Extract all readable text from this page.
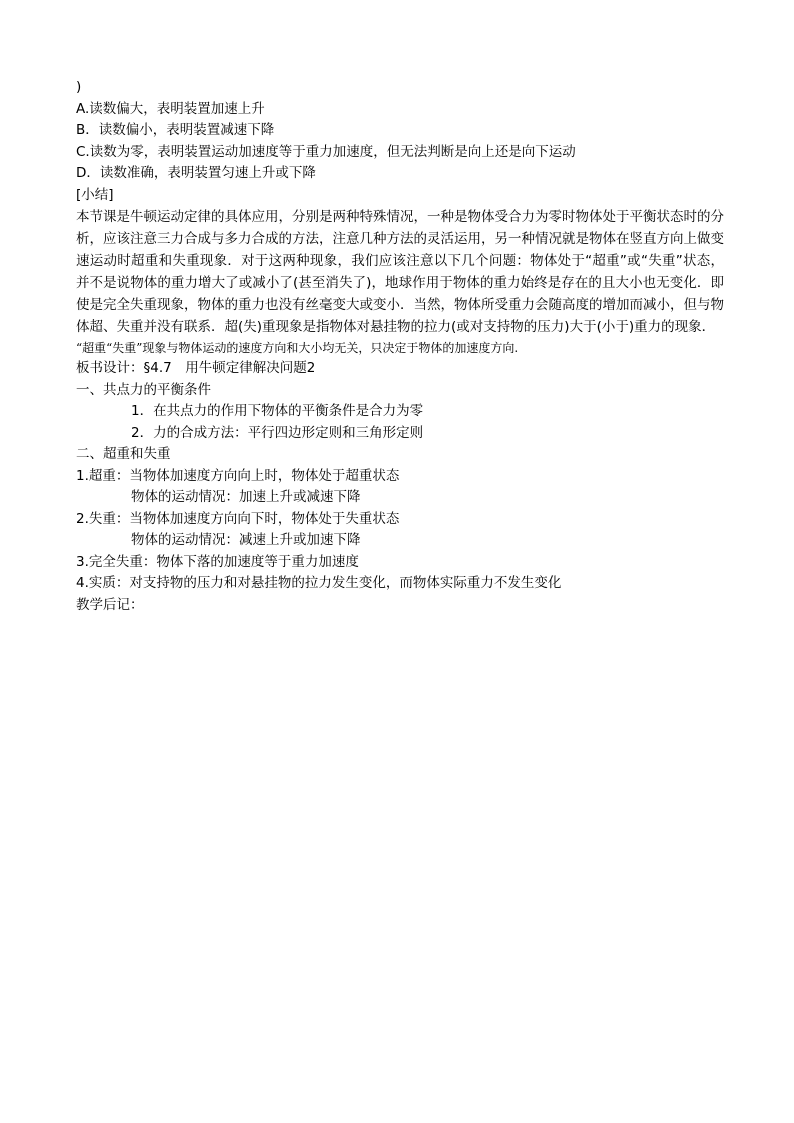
)
A.读数偏大，表明装置加速上升
B．读数偏小，表明装置减速下降
C.读数为零，表明装置运动加速度等于重力加速度，但无法判断是向上还是向下运动
D．读数准确，表明装置匀速上升或下降
[小结]
本节课是牛顿运动定律的具体应用，分别是两种特殊情况，一种是物体受合力为零时物体处于平衡状态时的分析，应该注意三力合成与多力合成的方法，注意几种方法的灵活运用，另一种情况就是物体在竖直方向上做变速运动时超重和失重现象．对于这两种现象，我们应该注意以下几个问题：物体处于“超重”或“失重”状态，并不是说物体的重力增大了或减小了(甚至消失了)，地球作用于物体的重力始终是存在的且大小也无变化．即使是完全失重现象，物体的重力也没有丝毫变大或变小．当然，物体所受重力会随高度的增加而减小，但与物体超、失重并没有联系．超(失)重现象是指物体对悬挂物的拉力(或对支持物的压力)大于(小于)重力的现象．
“超重“失重”现象与物体运动的速度方向和大小均无关，只决定于物体的加速度方向.
板书设计：§4.7　用牛顿定律解决问题2
一、共点力的平衡条件
1．在共点力的作用下物体的平衡条件是合力为零
2．力的合成方法：平行四边形定则和三角形定则
二、超重和失重
1.超重：当物体加速度方向向上时，物体处于超重状态
物体的运动情况：加速上升或减速下降
2.失重：当物体加速度方向向下时，物体处于失重状态
物体的运动情况：减速上升或加速下降
3.完全失重：物体下落的加速度等于重力加速度
4.实质：对支持物的压力和对悬挂物的拉力发生变化，而物体实际重力不发生变化
教学后记：
